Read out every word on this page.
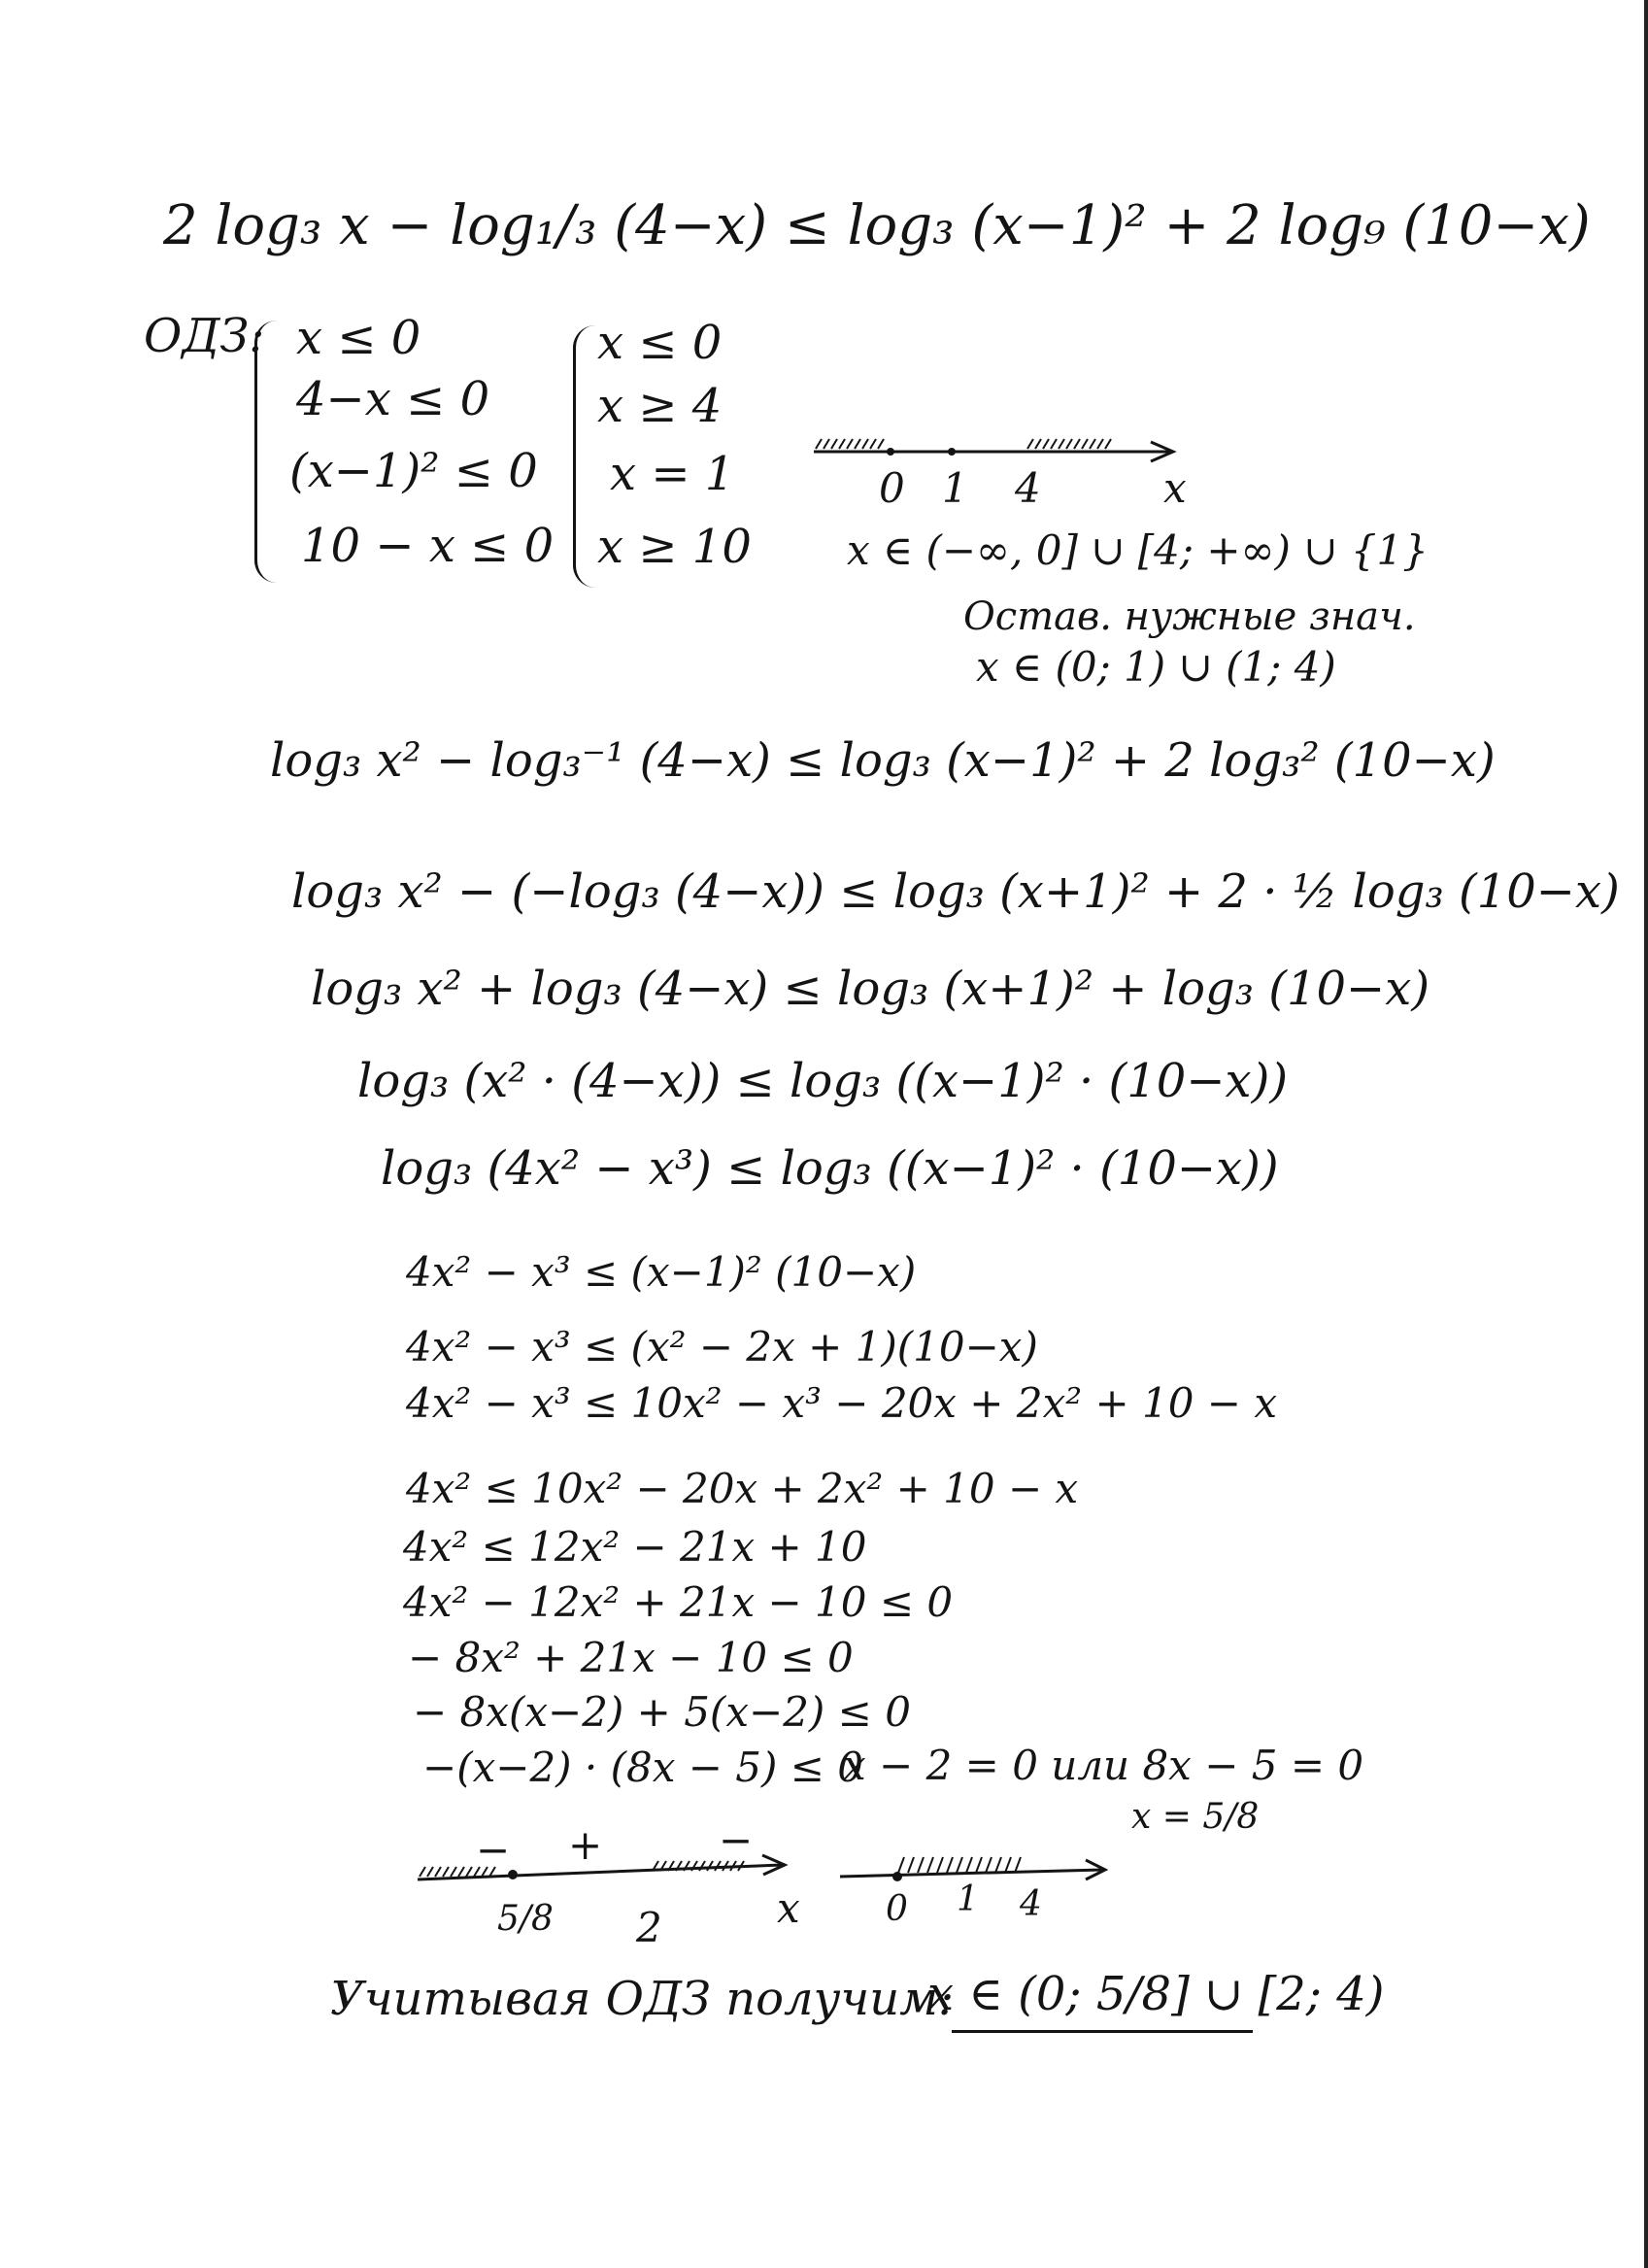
2 log₃ x − log₁/₃ (4−x) ≤ log₃ (x−1)² + 2 log₉ (10−x)
ОДЗ: x ≤ 0
4−x ≤ 0
(x−1)² ≤ 0
10 − x ≤ 0
x ≤ 0
x ≥ 4
x = 1
x ≥ 10
0 1 4	x
x ∈ (−∞, 0] ∪ [4; +∞) ∪ {1}
Остав. нужные знач.
x ∈ (0; 1) ∪ (1; 4)
log₃ x² − log₃⁻¹ (4−x) ≤ log₃ (x−1)² + 2 log₃² (10−x)
log₃ x² − (−log₃ (4−x)) ≤ log₃ (x+1)² + 2 · ½ log₃ (10−x)
log₃ x² + log₃ (4−x) ≤ log₃ (x+1)² + log₃ (10−x)
log₃ (x² · (4−x)) ≤ log₃ ((x−1)² · (10−x))
log₃ (4x² − x³) ≤ log₃ ((x−1)² · (10−x))
4x² − x³ ≤ (x−1)² (10−x)
4x² − x³ ≤ (x² − 2x + 1)(10−x)
4x² − x³ ≤ 10x² − x³ − 20x + 2x² + 10 − x
4x² ≤ 10x² − 20x + 2x² + 10 − x
4x² ≤ 12x² − 21x + 10
4x² − 12x² + 21x − 10 ≤ 0
− 8x² + 21x − 10 ≤ 0
− 8x(x−2) + 5(x−2) ≤ 0
−(x−2) · (8x − 5) ≤ 0
x − 2 = 0 или 8x − 5 = 0
x = 5/8
− +	−
5/8 2	x 0 1 4
Учитывая ОДЗ получим:
x ∈ (0; 5/8] ∪ [2; 4)
